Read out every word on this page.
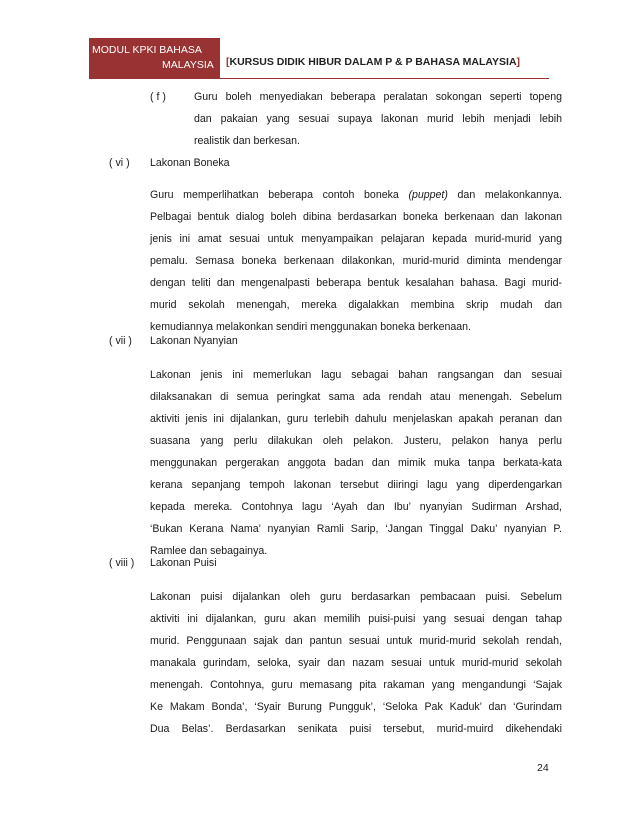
MODUL KPKI BAHASA
MALAYSIA [KURSUS DIDIK HIBUR DALAM P & P BAHASA MALAYSIA]
( f )	Guru boleh menyediakan beberapa peralatan sokongan seperti topeng
dan pakaian yang sesuai supaya lakonan murid lebih menjadi lebih
realistik dan berkesan.
( vi ) Lakonan Boneka
Guru memperlihatkan beberapa contoh boneka (puppet) dan melakonkannya.
Pelbagai bentuk dialog boleh dibina berdasarkan boneka berkenaan dan lakonan
jenis ini amat sesuai untuk menyampaikan pelajaran kepada murid-murid yang
pemalu. Semasa boneka berkenaan dilakonkan, murid-murid diminta mendengar
dengan teliti dan mengenalpasti beberapa bentuk kesalahan bahasa. Bagi murid-
murid sekolah menengah, mereka digalakkan membina skrip mudah dan
kemudiannya melakonkan sendiri menggunakan boneka berkenaan.
( vii ) Lakonan Nyanyian
Lakonan jenis ini memerlukan lagu sebagai bahan rangsangan dan sesuai
dilaksanakan di semua peringkat sama ada rendah atau menengah. Sebelum
aktiviti jenis ini dijalankan, guru terlebih dahulu menjelaskan apakah peranan dan
suasana yang perlu dilakukan oleh pelakon. Justeru, pelakon hanya perlu
menggunakan pergerakan anggota badan dan mimik muka tanpa berkata-kata
kerana sepanjang tempoh lakonan tersebut diiringi lagu yang diperdengarkan
kepada mereka. Contohnya lagu ‘Ayah dan Ibu’ nyanyian Sudirman Arshad,
‘Bukan Kerana Nama’ nyanyian Ramli Sarip, ‘Jangan Tinggal Daku’ nyanyian P.
Ramlee dan sebagainya.
( viii ) Lakonan Puisi
Lakonan puisi dijalankan oleh guru berdasarkan pembacaan puisi. Sebelum
aktiviti ini dijalankan, guru akan memilih puisi-puisi yang sesuai dengan tahap
murid. Penggunaan sajak dan pantun sesuai untuk murid-murid sekolah rendah,
manakala gurindam, seloka, syair dan nazam sesuai untuk murid-murid sekolah
menengah. Contohnya, guru memasang pita rakaman yang mengandungi ‘Sajak
Ke Makam Bonda’, ‘Syair Burung Pungguk’, ‘Seloka Pak Kaduk’ dan ‘Gurindam
Dua Belas’. Berdasarkan senikata puisi tersebut, murid-muird dikehendaki
24
